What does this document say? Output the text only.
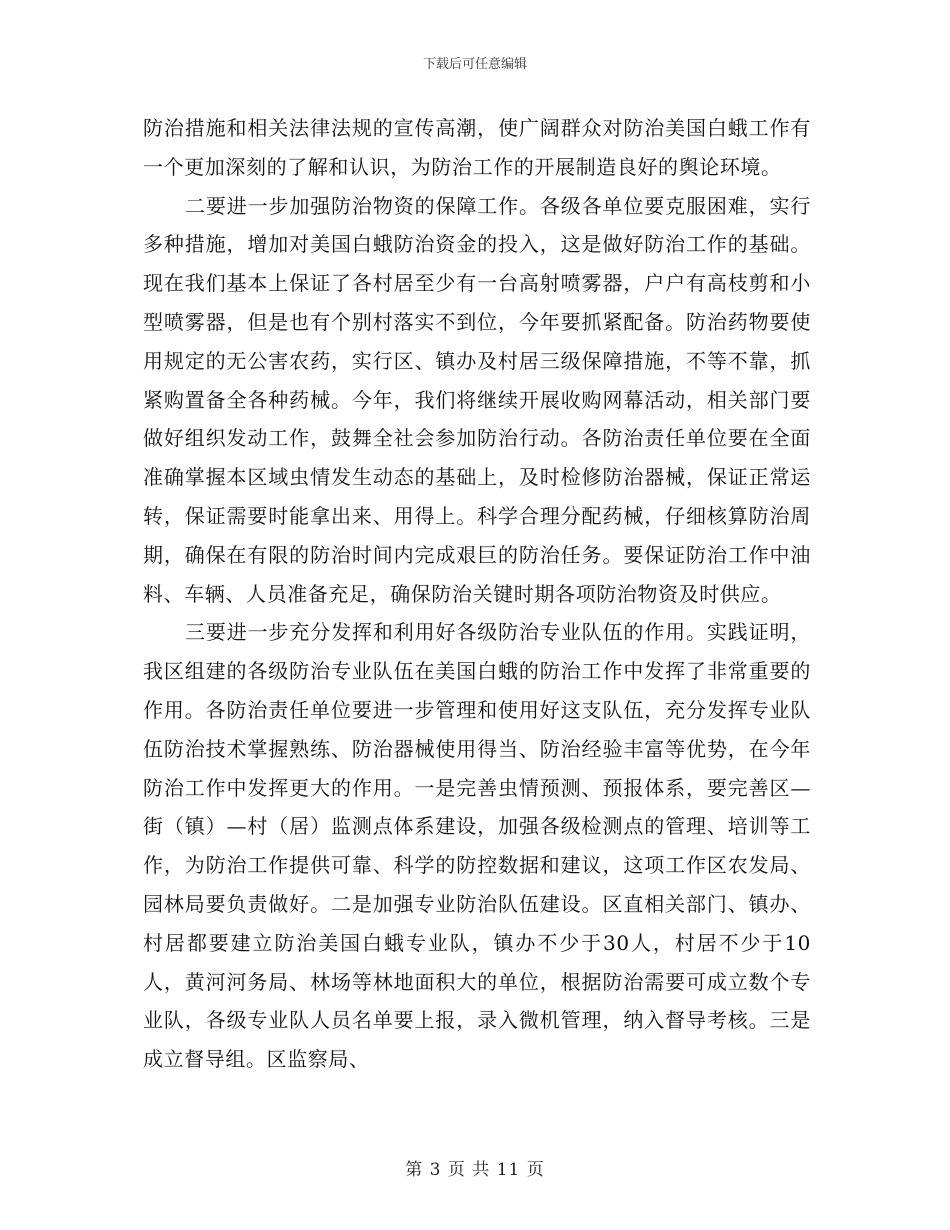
下载后可任意编辑

防治措施和相关法律法规的宣传高潮，使广阔群众对防治美国白蛾工作有一个更加深刻的了解和认识，为防治工作的开展制造良好的舆论环境。

二要进一步加强防治物资的保障工作。各级各单位要克服困难，实行多种措施，增加对美国白蛾防治资金的投入，这是做好防治工作的基础。现在我们基本上保证了各村居至少有一台高射喷雾器，户户有高枝剪和小型喷雾器，但是也有个别村落实不到位，今年要抓紧配备。防治药物要使用规定的无公害农药，实行区、镇办及村居三级保障措施，不等不靠，抓紧购置备全各种药械。今年，我们将继续开展收购网幕活动，相关部门要做好组织发动工作，鼓舞全社会参加防治行动。各防治责任单位要在全面准确掌握本区域虫情发生动态的基础上，及时检修防治器械，保证正常运转，保证需要时能拿出来、用得上。科学合理分配药械，仔细核算防治周期，确保在有限的防治时间内完成艰巨的防治任务。要保证防治工作中油料、车辆、人员准备充足，确保防治关键时期各项防治物资及时供应。

三要进一步充分发挥和利用好各级防治专业队伍的作用。实践证明，我区组建的各级防治专业队伍在美国白蛾的防治工作中发挥了非常重要的作用。各防治责任单位要进一步管理和使用好这支队伍，充分发挥专业队伍防治技术掌握熟练、防治器械使用得当、防治经验丰富等优势，在今年防治工作中发挥更大的作用。一是完善虫情预测、预报体系，要完善区—街（镇）—村（居）监测点体系建设，加强各级检测点的管理、培训等工作，为防治工作提供可靠、科学的防控数据和建议，这项工作区农发局、园林局要负责做好。二是加强专业防治队伍建设。区直相关部门、镇办、村居都要建立防治美国白蛾专业队，镇办不少于30人，村居不少于10人，黄河河务局、林场等林地面积大的单位，根据防治需要可成立数个专业队，各级专业队人员名单要上报，录入微机管理，纳入督导考核。三是成立督导组。区监察局、

第 3 页 共 11 页
